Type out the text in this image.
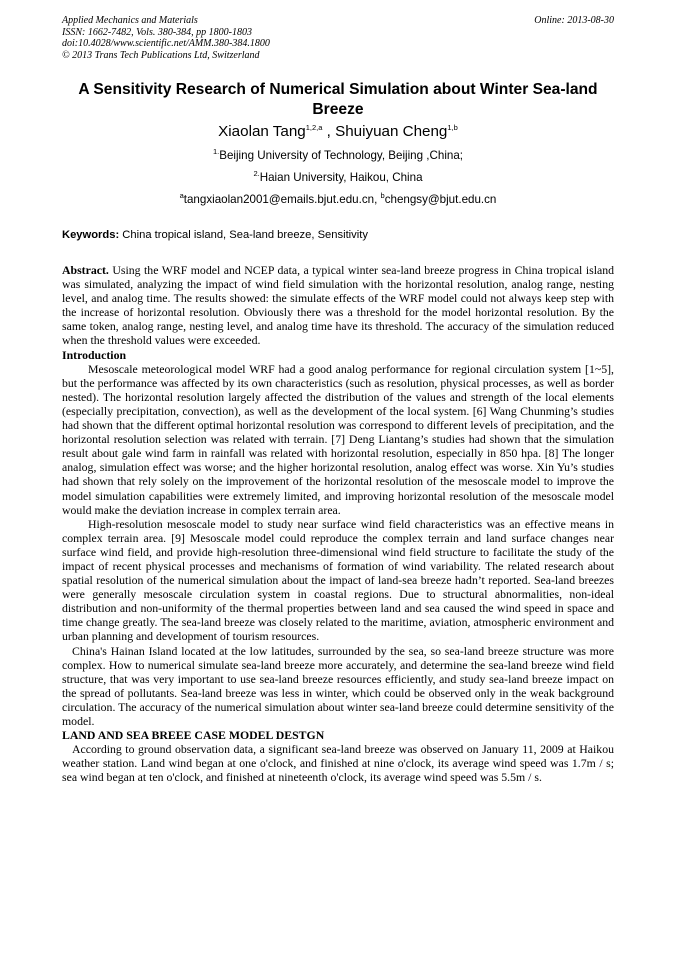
Applied Mechanics and Materials	Online: 2013-08-30
ISSN: 1662-7482, Vols. 380-384, pp 1800-1803
doi:10.4028/www.scientific.net/AMM.380-384.1800
© 2013 Trans Tech Publications Ltd, Switzerland
A Sensitivity Research of Numerical Simulation about Winter Sea-land Breeze
Xiaolan Tang$^{1,2,a}$ , Shuiyuan Cheng$^{1,b}$
$^{1.}$Beijing University of Technology, Beijing ,China;
$^{2.}$Haian University, Haikou, China
$^a$tangxiaolan2001@emails.bjut.edu.cn, $^b$chengsy@bjut.edu.cn
Keywords: China tropical island, Sea-land breeze, Sensitivity

Abstract. Using the WRF model and NCEP data, a typical winter sea-land breeze progress in China tropical island was simulated, analyzing the impact of wind field simulation with the horizontal resolution, analog range, nesting level, and analog time. The results showed: the simulate effects of the WRF model could not always keep step with the increase of horizontal resolution. Obviously there was a threshold for the model horizontal resolution. By the same token, analog range, nesting level, and analog time have its threshold. The accuracy of the simulation reduced when the threshold values were exceeded.

Introduction

Mesoscale meteorological model WRF had a good analog performance for regional circulation system [1~5], but the performance was affected by its own characteristics (such as resolution, physical processes, as well as border nested). The horizontal resolution largely affected the distribution of the values and strength of the local elements (especially precipitation, convection), as well as the development of the local system. [6] Wang Chunming’s studies had shown that the different optimal horizontal resolution was correspond to different levels of precipitation, and the horizontal resolution selection was related with terrain. [7] Deng Liantang’s studies had shown that the simulation result about gale wind farm in rainfall was related with horizontal resolution, especially in 850 hpa. [8] The longer analog, simulation effect was worse; and the higher horizontal resolution, analog effect was worse. Xin Yu’s studies had shown that rely solely on the improvement of the horizontal resolution of the mesoscale model to improve the model simulation capabilities were extremely limited, and improving horizontal resolution of the mesoscale model would make the deviation increase in complex terrain area.

High-resolution mesoscale model to study near surface wind field characteristics was an effective means in complex terrain area. [9] Mesoscale model could reproduce the complex terrain and land surface changes near surface wind field, and provide high-resolution three-dimensional wind field structure to facilitate the study of the impact of recent physical processes and mechanisms of formation of wind variability. The related research about spatial resolution of the numerical simulation about the impact of land-sea breeze hadn’t reported. Sea-land breezes were generally mesoscale circulation system in coastal regions. Due to structural abnormalities, non-ideal distribution and non-uniformity of the thermal properties between land and sea caused the wind speed in space and time change greatly. The sea-land breeze was closely related to the maritime, aviation, atmospheric environment and urban planning and development of tourism resources.

China's Hainan Island located at the low latitudes, surrounded by the sea, so sea-land breeze structure was more complex. How to numerical simulate sea-land breeze more accurately, and determine the sea-land breeze wind field structure, that was very important to use sea-land breeze resources efficiently, and study sea-land breeze impact on the spread of pollutants. Sea-land breeze was less in winter, which could be observed only in the weak background circulation. The accuracy of the numerical simulation about winter sea-land breeze could determine sensitivity of the model.

LAND AND SEA BREEE CASE MODEL DESTGN

According to ground observation data, a significant sea-land breeze was observed on January 11, 2009 at Haikou weather station. Land wind began at one o'clock, and finished at nine o'clock, its average wind speed was 1.7m / s; sea wind began at ten o'clock, and finished at nineteenth o'clock, its average wind speed was 5.5m / s.
